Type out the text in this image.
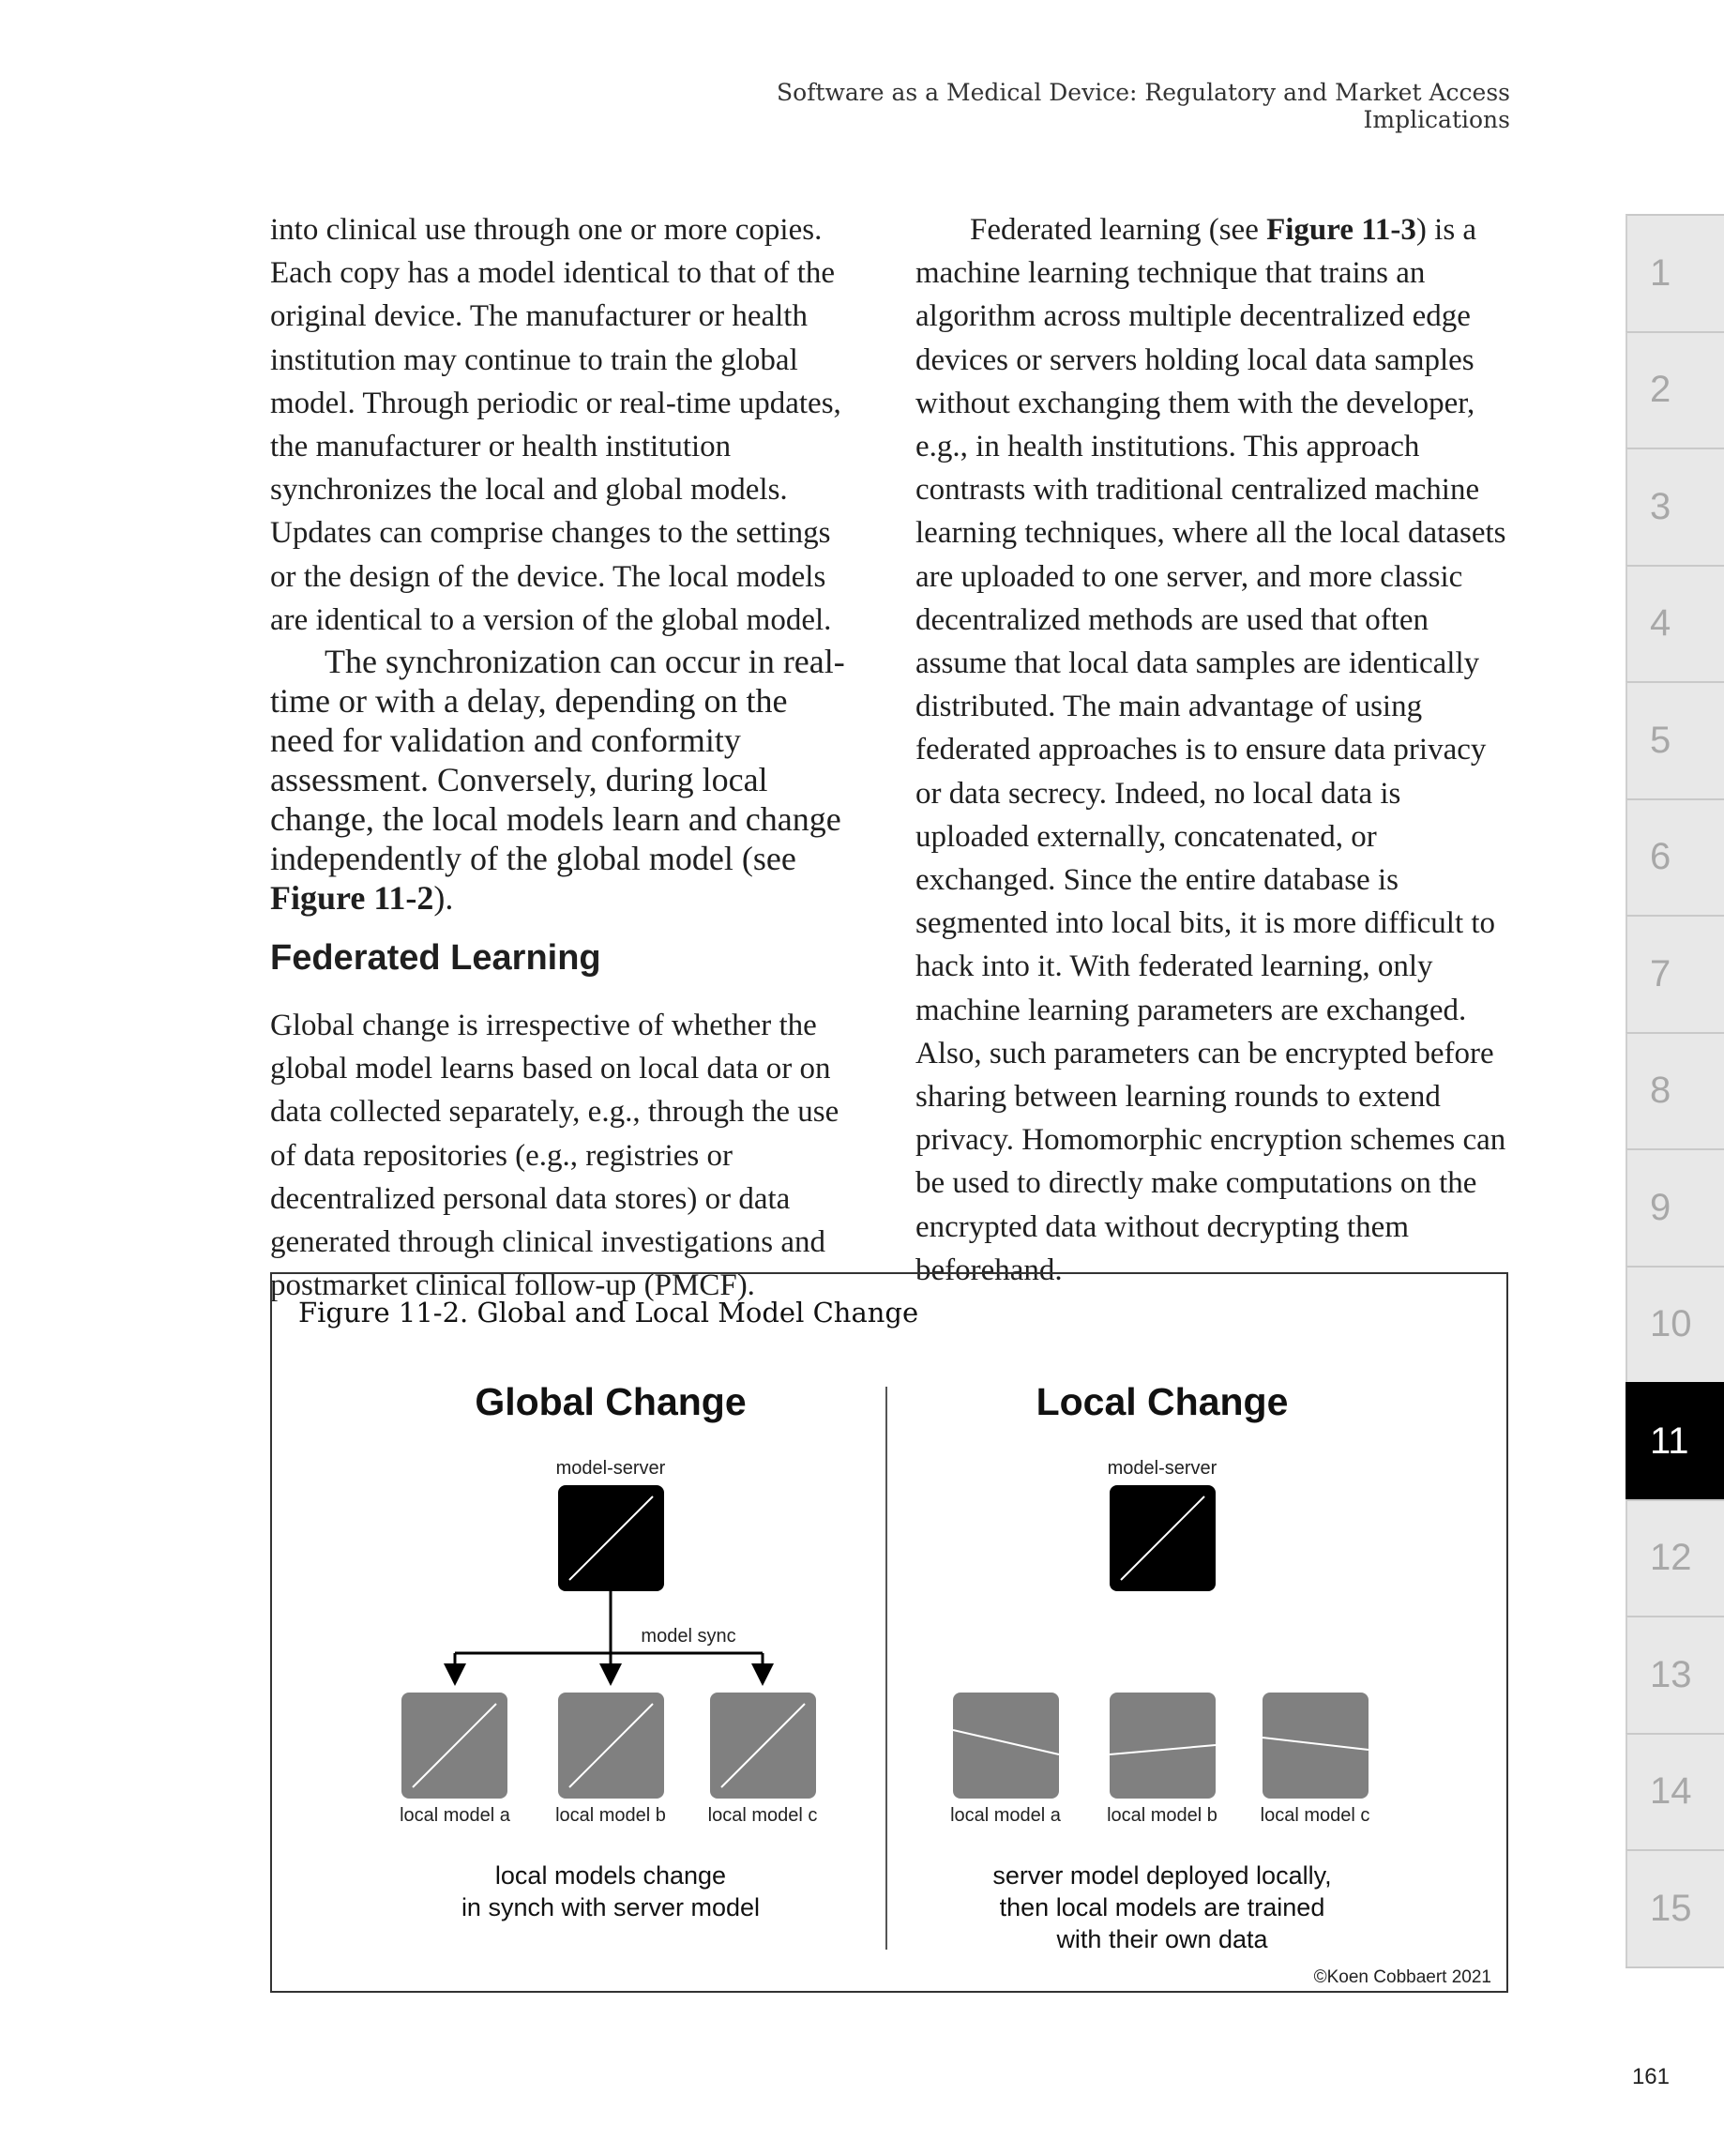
Software as a Medical Device: Regulatory and Market Access Implications

into clinical use through one or more copies. Each copy has a model identical to that of the original device. The manufacturer or health institution may continue to train the global model. Through periodic or real-time updates, the manufacturer or health institution synchronizes the local and global models. Updates can comprise changes to the settings or the design of the device. The local models are identical to a version of the global model.

The synchronization can occur in real-time or with a delay, depending on the need for validation and conformity assessment. Conversely, during local change, the local models learn and change independently of the global model (see Figure 11-2).

Federated Learning

Global change is irrespective of whether the global model learns based on local data or on data collected separately, e.g., through the use of data repositories (e.g., registries or decentralized personal data stores) or data generated through clinical investigations and postmarket clinical follow-up (PMCF).

Federated learning (see Figure 11-3) is a machine learning technique that trains an algorithm across multiple decentralized edge devices or servers holding local data samples without exchanging them with the developer, e.g., in health institutions. This approach contrasts with traditional centralized machine learning techniques, where all the local datasets are uploaded to one server, and more classic decentralized methods are used that often assume that local data samples are identically distributed. The main advantage of using federated approaches is to ensure data privacy or data secrecy. Indeed, no local data is uploaded externally, concatenated, or exchanged. Since the entire database is segmented into local bits, it is more difficult to hack into it. With federated learning, only machine learning parameters are exchanged. Also, such parameters can be encrypted before sharing between learning rounds to extend privacy. Homomorphic encryption schemes can be used to directly make computations on the encrypted data without decrypting them beforehand.

Figure 11-2. Global and Local Model Change
Global Change
model-server
model sync
local model a local model b local model c
local models change
in synch with server model
Local Change
model-server
local model a local model b local model c
server model deployed locally,
then local models are trained
with their own data
©Koen Cobbaert 2021
1
2
3
4
5
6
7
8
9
10
11
12
13
14
15
161
